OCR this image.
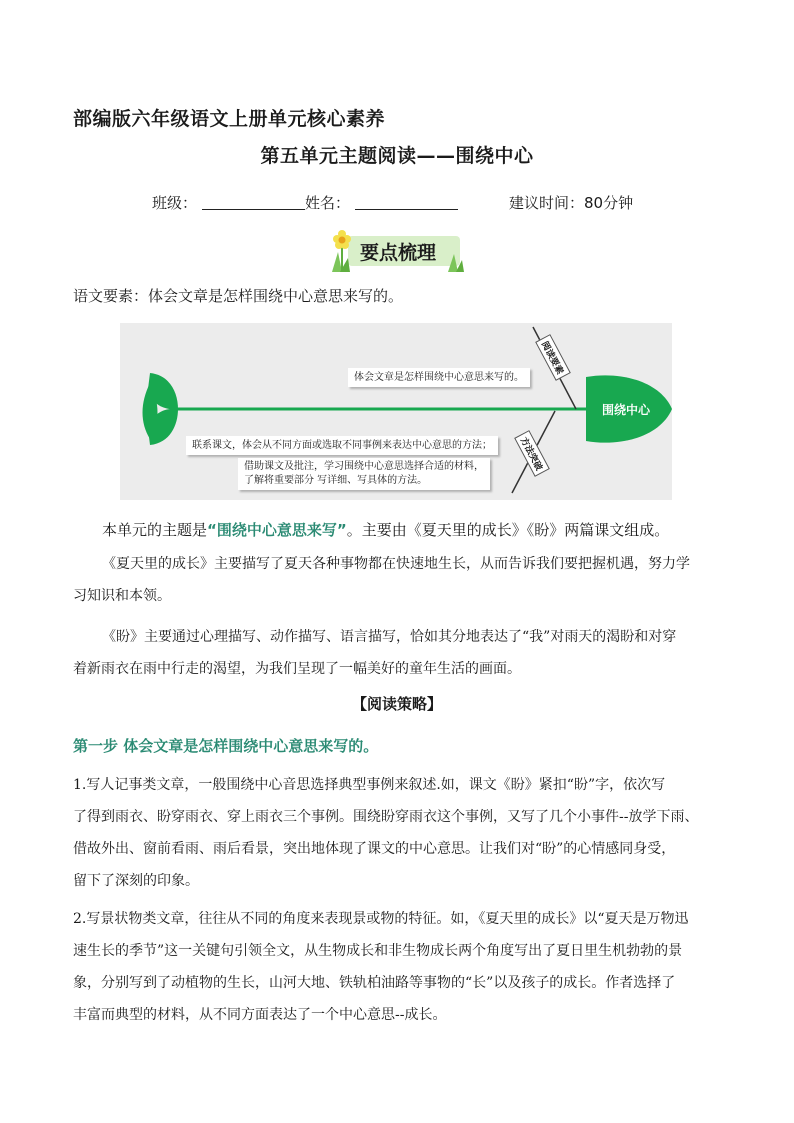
部编版六年级语文上册单元核心素养
第五单元主题阅读——围绕中心
班级：	姓名：	建议时间：80分钟
要点梳理
语文要素：体会文章是怎样围绕中心意思来写的。
体会文章是怎样围绕中心意思来写的。
联系课文，体会从不同方面或选取不同事例来表达中心意思的方法；
借助课文及批注，学习围绕中心意思选择合适的材料，
了解将重要部分 写详细、写具体的方法。
阅读要素
方法突破
围绕中心
本单元的主题是“围绕中心意思来写”。主要由《夏天里的成长》《盼》两篇课文组成。
《夏天里的成长》主要描写了夏天各种事物都在快速地生长，从而告诉我们要把握机遇，努力学
习知识和本领。
《盼》主要通过心理描写、动作描写、语言描写，恰如其分地表达了“我”对雨天的渴盼和对穿
着新雨衣在雨中行走的渴望，为我们呈现了一幅美好的童年生活的画面。
【阅读策略】
第一步 体会文章是怎样围绕中心意思来写的。
1.写人记事类文章，一般围绕中心音思选择典型事例来叙述.如，课文《盼》紧扣“盼”字，依次写
了得到雨衣、盼穿雨衣、穿上雨衣三个事例。围绕盼穿雨衣这个事例，又写了几个小事件--放学下雨、
借故外出、窗前看雨、雨后看景，突出地体现了课文的中心意思。让我们对“盼”的心情感同身受，
留下了深刻的印象。
2.写景状物类文章，往往从不同的角度来表现景或物的特征。如，《夏天里的成长》以“夏天是万物迅
速生长的季节”这一关键句引领全文，从生物成长和非生物成长两个角度写出了夏日里生机勃勃的景
象，分别写到了动植物的生长，山河大地、铁轨柏油路等事物的“长”以及孩子的成长。作者选择了
丰富而典型的材料，从不同方面表达了一个中心意思--成长。
